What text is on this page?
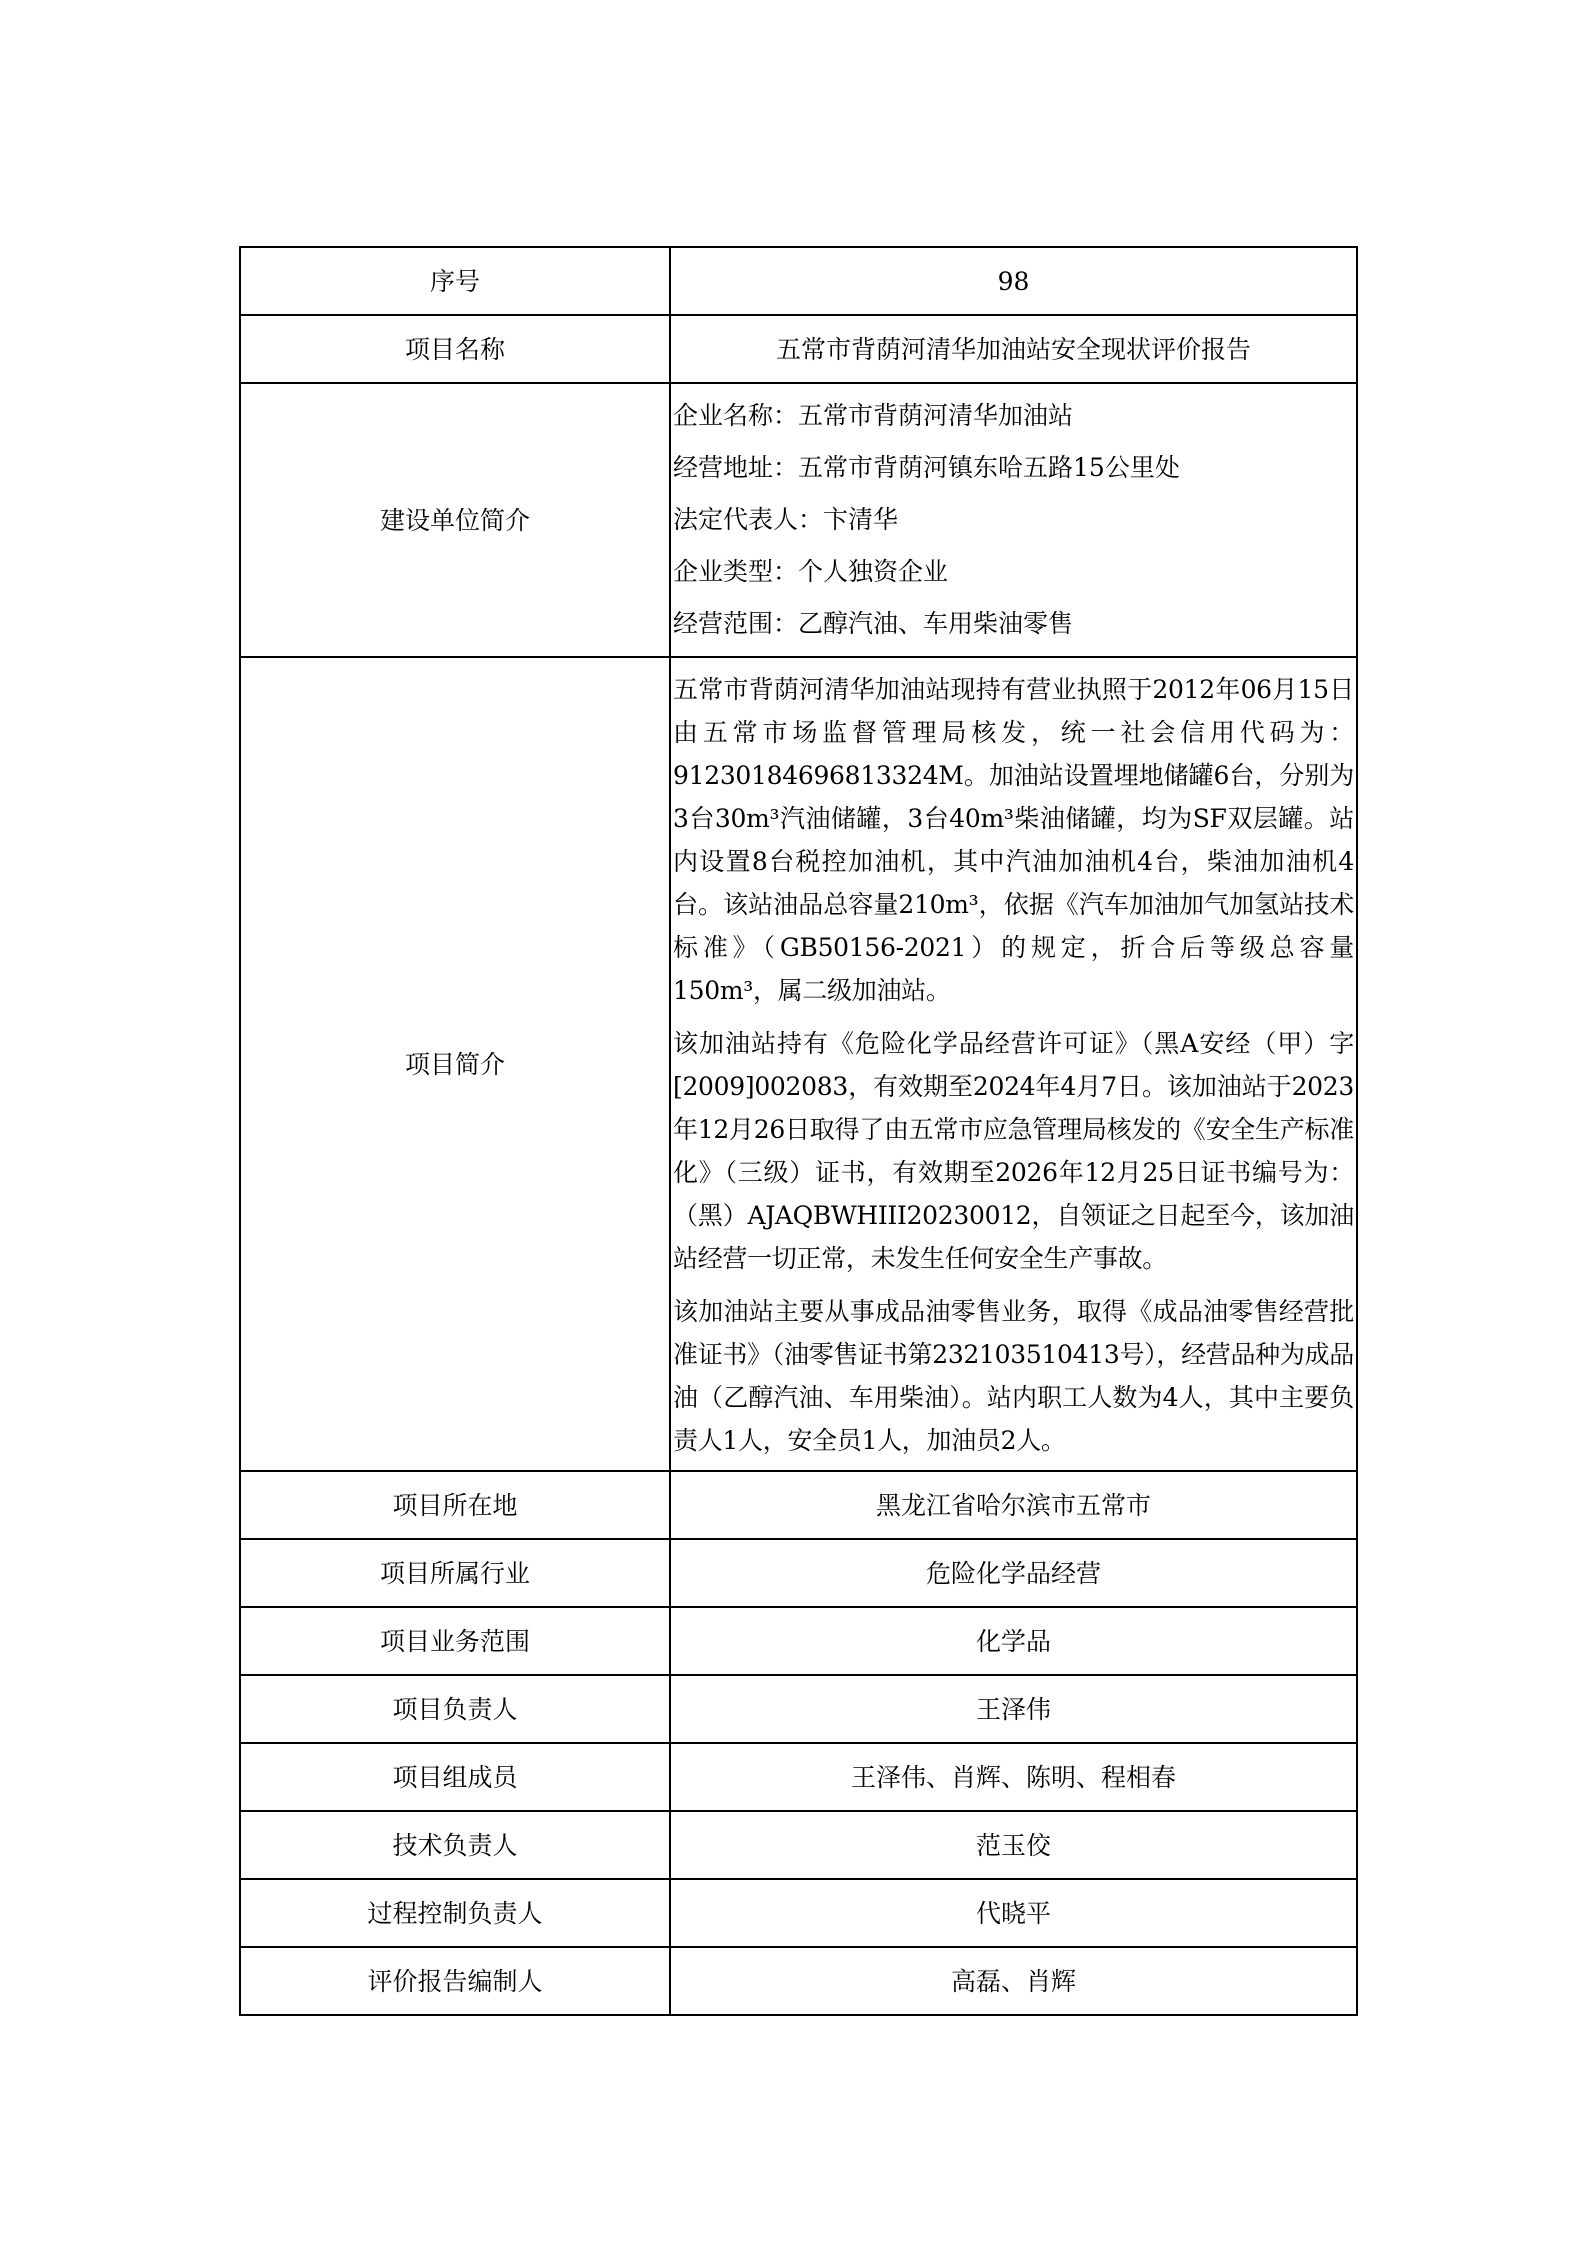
序号	98
项目名称	五常市背荫河清华加油站安全现状评价报告
建设单位简介	企业名称：五常市背荫河清华加油站
经营地址：五常市背荫河镇东哈五路15公里处
法定代表人：卞清华
企业类型：个人独资企业
经营范围：乙醇汽油、车用柴油零售

项目简介	五常市背荫河清华加油站现持有营业执照于2012年06月15日由五常市场监督管理局核发，统一社会信用代码为：91230184696813324M。加油站设置埋地储罐6台，分别为3台30m³汽油储罐，3台40m³柴油储罐，均为SF双层罐。站内设置8台税控加油机，其中汽油加油机4台，柴油加油机4台。该站油品总容量210m³，依据《汽车加油加气加氢站技术标准》（GB50156-2021）的规定，折合后等级总容量150m³，属二级加油站。

该加油站持有《危险化学品经营许可证》（黑A安经（甲）字[2009]002083，有效期至2024年4月7日。该加油站于2023年12月26日取得了由五常市应急管理局核发的《安全生产标准化》（三级）证书，有效期至2026年12月25日证书编号为：（黑）AJAQBWHIII20230012，自领证之日起至今，该加油站经营一切正常，未发生任何安全生产事故。

该加油站主要从事成品油零售业务，取得《成品油零售经营批准证书》（油零售证书第232103510413号），经营品种为成品油（乙醇汽油、车用柴油）。站内职工人数为4人，其中主要负责人1人，安全员1人，加油员2人。

项目所在地	黑龙江省哈尔滨市五常市
项目所属行业	危险化学品经营
项目业务范围	化学品
项目负责人	王泽伟
项目组成员	王泽伟、肖辉、陈明、程相春
技术负责人	范玉佼
过程控制负责人	代晓平
评价报告编制人	高磊、肖辉
